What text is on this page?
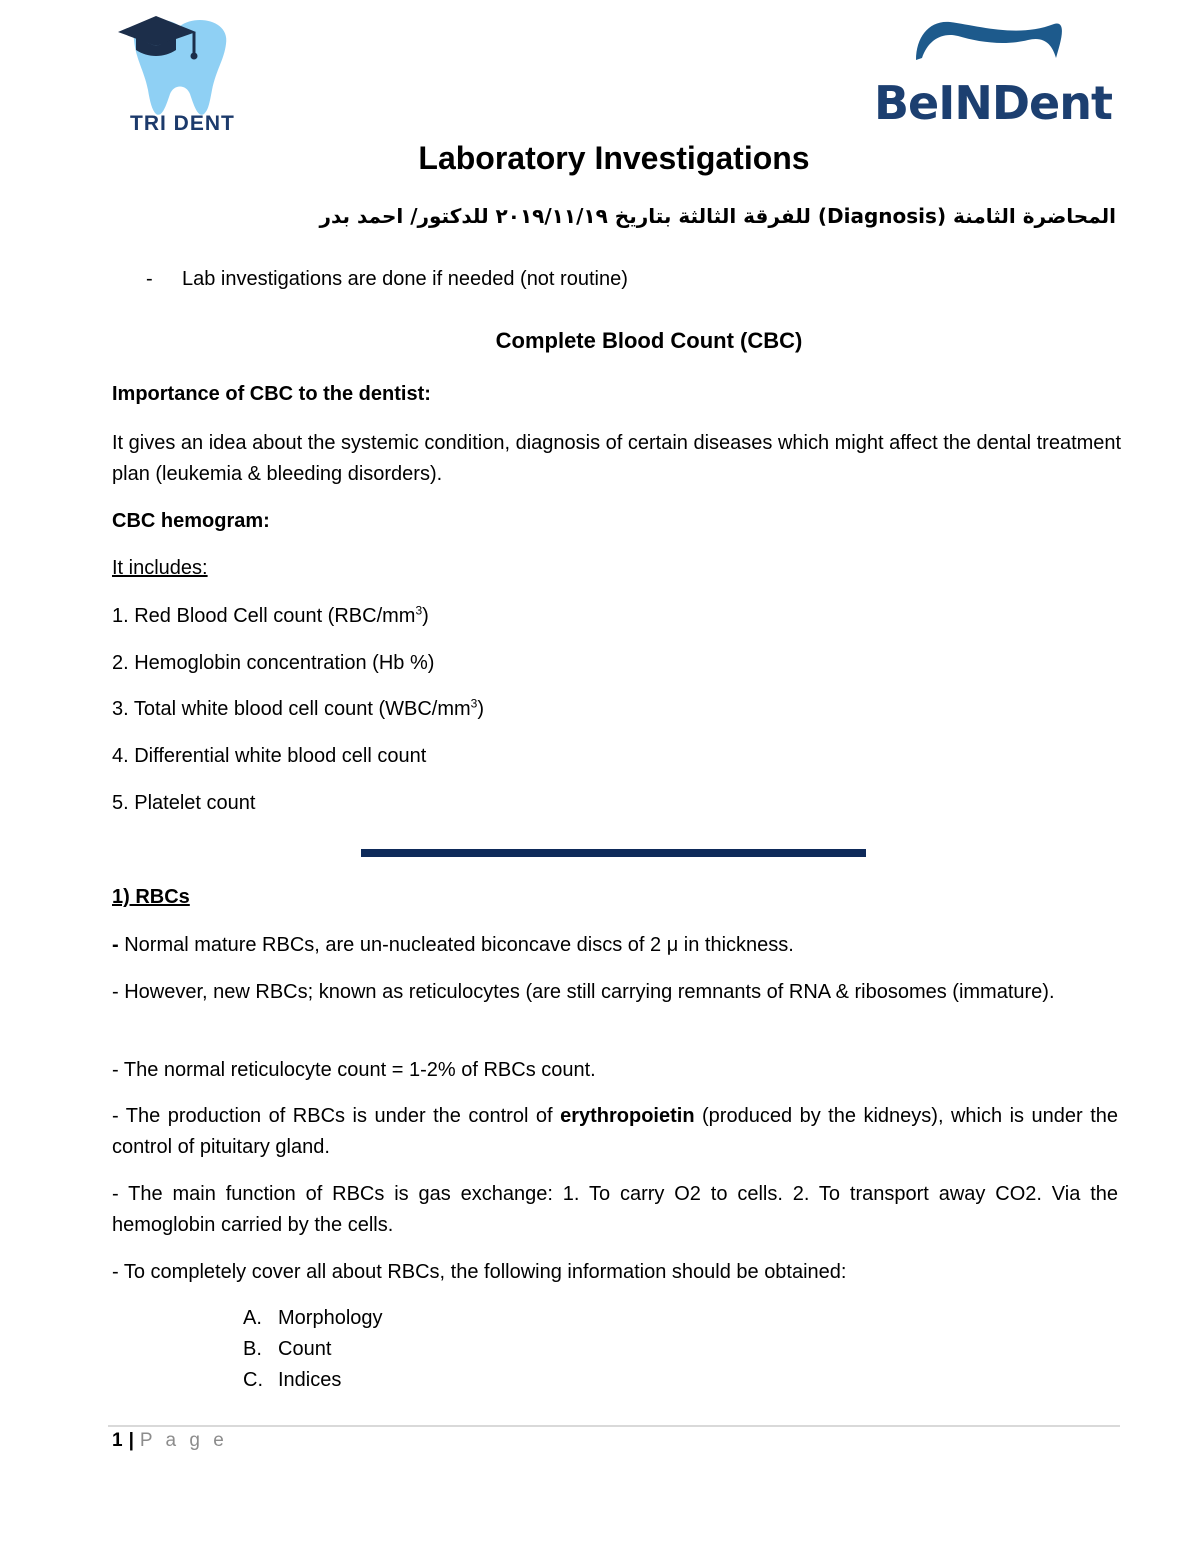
TRI DENT	BeINDent
Laboratory Investigations
المحاضرة الثامنة (Diagnosis) للفرقة الثالثة بتاريخ ٢٠١٩/١١/١٩ للدكتور/ احمد بدر
- Lab investigations are done if needed (not routine)
Complete Blood Count (CBC)
Importance of CBC to the dentist:
It gives an idea about the systemic condition, diagnosis of certain diseases which might affect the dental treatment plan (leukemia & bleeding disorders).
CBC hemogram:
It includes:
1. Red Blood Cell count $(RBC/mm^3)$
2. Hemoglobin concentration (Hb %)
3. Total white blood cell count $(WBC/mm^3)$
4. Differential white blood cell count
5. Platelet count
1) RBCs
- Normal mature RBCs, are un-nucleated biconcave discs of 2 μ in thickness.
- However, new RBCs; known as reticulocytes (are still carrying remnants of RNA & ribosomes (immature).
- The normal reticulocyte count = 1-2% of RBCs count.
- The production of RBCs is under the control of erythropoietin (produced by the kidneys), which is under the control of pituitary gland.
- The main function of RBCs is gas exchange: 1. To carry O2 to cells. 2. To transport away CO2. Via the hemoglobin carried by the cells.
- To completely cover all about RBCs, the following information should be obtained:
A. Morphology
B. Count
C. Indices
1 | P a g e
